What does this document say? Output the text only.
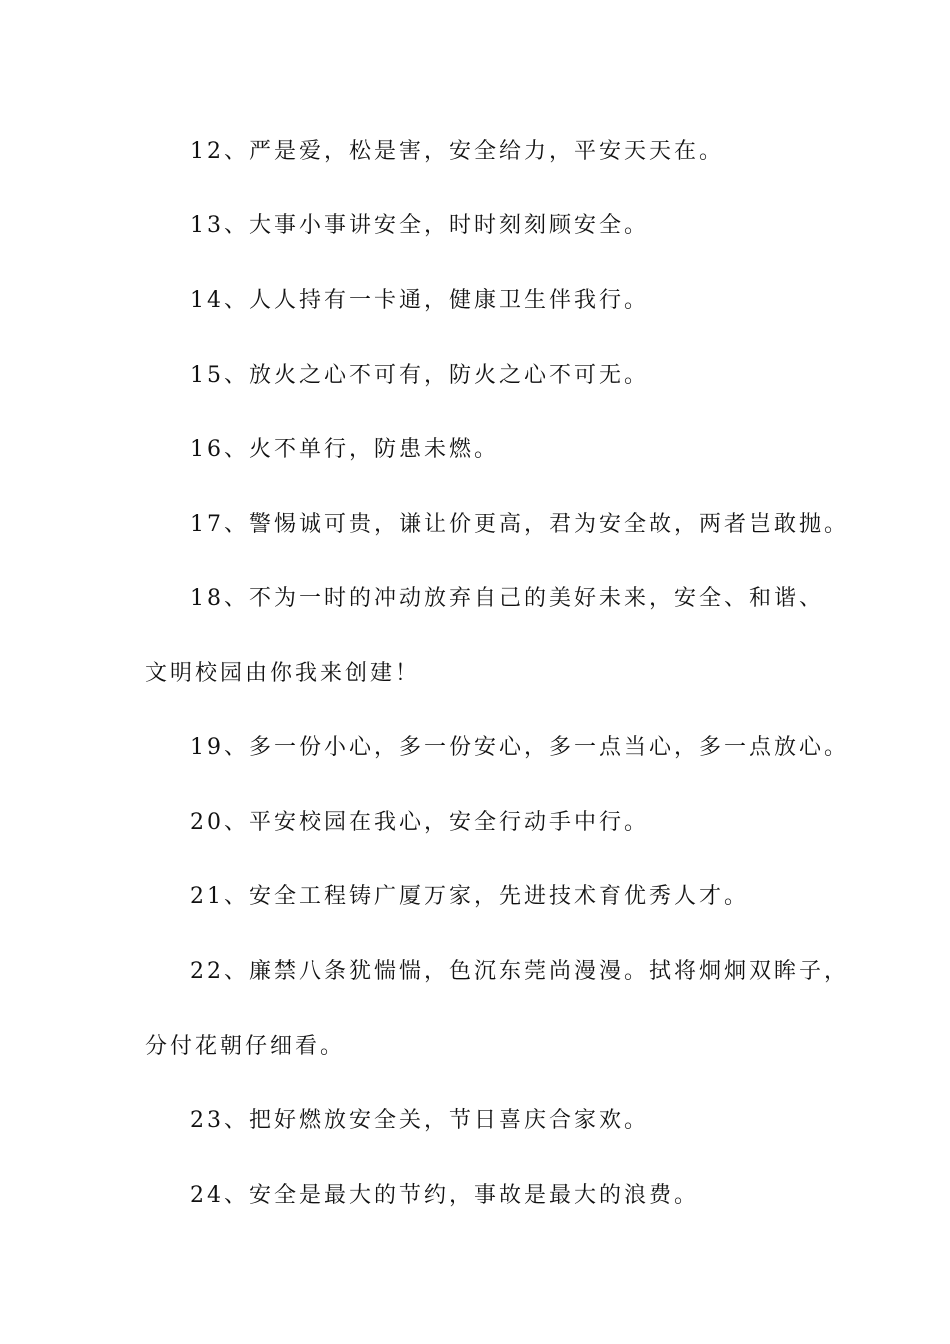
12、严是爱，松是害，安全给力，平安天天在。
13、大事小事讲安全，时时刻刻顾安全。
14、人人持有一卡通，健康卫生伴我行。
15、放火之心不可有，防火之心不可无。
16、火不单行，防患未燃。
17、警惕诚可贵，谦让价更高，君为安全故，两者岂敢抛。
18、不为一时的冲动放弃自己的美好未来，安全、和谐、
文明校园由你我来创建！
19、多一份小心，多一份安心，多一点当心，多一点放心。
20、平安校园在我心，安全行动手中行。
21、安全工程铸广厦万家，先进技术育优秀人才。
22、廉禁八条犹惴惴，色沉东莞尚漫漫。拭将炯炯双眸子，
分付花朝仔细看。
23、把好燃放安全关，节日喜庆合家欢。
24、安全是最大的节约，事故是最大的浪费。
